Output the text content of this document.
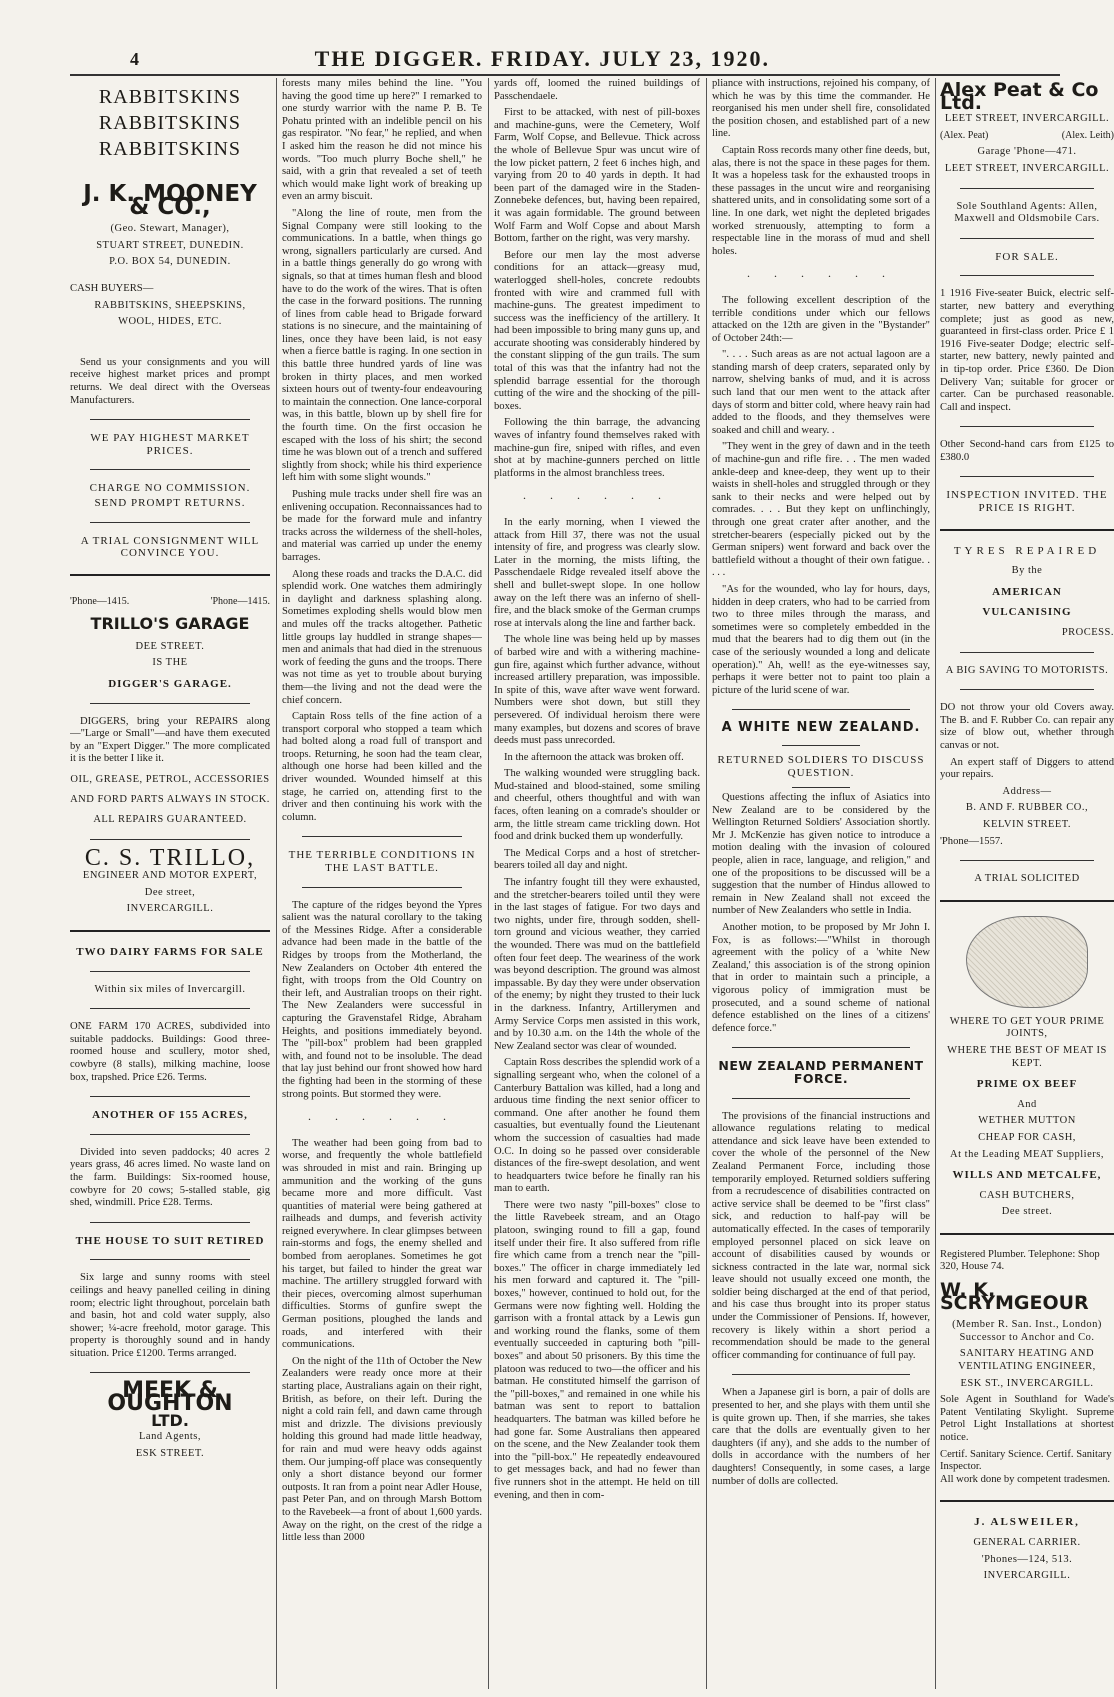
4	THE DIGGER. FRIDAY. JULY 23, 1920.
RABBITSKINS
RABBITSKINS
RABBITSKINS
J. K. MOONEY & CO.,
(Geo. Stewart, Manager),
STUART STREET, DUNEDIN.
P.O. BOX 54, DUNEDIN.
CASH BUYERS—
RABBITSKINS, SHEEPSKINS,
WOOL, HIDES, ETC.

Send us your consignments and you will receive highest market prices and prompt returns. We deal direct with the Overseas Manufacturers.

WE PAY HIGHEST MARKET PRICES.
CHARGE NO COMMISSION.
SEND PROMPT RETURNS.
A TRIAL CONSIGNMENT WILL CONVINCE YOU.
'Phone—1415.	'Phone—1415.
TRILLO'S GARAGE
DEE STREET.
IS THE
DIGGER'S GARAGE.

DIGGERS, bring your REPAIRS along —"Large or Small"—and have them executed by an "Expert Digger." The more complicated it is the better I like it.

OIL, GREASE, PETROL, ACCESSORIES AND FORD PARTS ALWAYS IN STOCK.
ALL REPAIRS GUARANTEED.
C. S. TRILLO,
ENGINEER AND MOTOR EXPERT,
Dee street,
INVERCARGILL.
TWO DAIRY FARMS FOR SALE
Within six miles of Invercargill.

ONE FARM 170 ACRES, subdivided into suitable paddocks. Buildings: Good three-roomed house and scullery, motor shed, cowbyre (8 stalls), milking machine, loose box, trapshed. Price £26. Terms.

ANOTHER OF 155 ACRES,

Divided into seven paddocks; 40 acres 2 years grass, 46 acres limed. No waste land on the farm. Buildings: Six-roomed house, cowbyre for 20 cows; 5-stalled stable, gig shed, windmill. Price £28. Terms.

THE HOUSE TO SUIT RETIRED

Six large and sunny rooms with steel ceilings and heavy panelled ceiling in dining room; electric light throughout, porcelain bath and basin, hot and cold water supply, also shower; ¼-acre freehold, motor garage. This property is thoroughly sound and in handy situation. Price £1200. Terms arranged.

MEEK & OUGHTON
LTD.
Land Agents,
ESK STREET.

forests many miles behind the line. "You having the good time up here?" I remarked to one sturdy warrior with the name P. B. Te Pohatu printed with an indelible pencil on his gas respirator. "No fear," he replied, and when I asked him the reason he did not mince his words. "Too much plurry Boche shell," he said, with a grin that revealed a set of teeth which would make light work of breaking up even an army biscuit.

"Along the line of route, men from the Signal Company were still looking to the communications. In a battle, when things go wrong, signallers particularly are cursed. And in a battle things generally do go wrong with signals, so that at times human flesh and blood have to do the work of the wires. That is often the case in the forward positions. The running of lines from cable head to Brigade forward stations is no sinecure, and the maintaining of lines, once they have been laid, is not easy when a fierce battle is raging. In one section in this battle three hundred yards of line was broken in thirty places, and men worked sixteen hours out of twenty-four endeavouring to maintain the connection. One lance-corporal was, in this battle, blown up by shell fire for the fourth time. On the first occasion he escaped with the loss of his shirt; the second time he was blown out of a trench and suffered slightly from shock; while his third experience left him with some slight wounds."

Pushing mule tracks under shell fire was an enlivening occupation. Reconnaissances had to be made for the forward mule and infantry tracks across the wilderness of the shell-holes, and material was carried up under the enemy barrages.

Along these roads and tracks the D.A.C. did splendid work. One watches them admiringly in daylight and darkness splashing along. Sometimes exploding shells would blow men and mules off the tracks altogether. Pathetic little groups lay huddled in strange shapes—men and animals that had died in the strenuous work of feeding the guns and the troops. There was not time as yet to trouble about burying them—the living and not the dead were the chief concern.

Captain Ross tells of the fine action of a transport corporal who stopped a team which had bolted along a road full of transport and troops. Returning, he soon had the team clear, although one horse had been killed and the driver wounded. Wounded himself at this stage, he carried on, attending first to the driver and then continuing his work with the column.

THE TERRIBLE CONDITIONS IN THE LAST BATTLE.

The capture of the ridges beyond the Ypres salient was the natural corollary to the taking of the Messines Ridge. After a considerable advance had been made in the battle of the Ridges by troops from the Motherland, the New Zealanders on October 4th entered the fight, with troops from the Old Country on their left, and Australian troops on their right. The New Zealanders were successful in capturing the Gravenstafel Ridge, Abraham Heights, and positions immediately beyond. The "pill-box" problem had been grappled with, and found not to be insoluble. The dead that lay just behind our front showed how hard the fighting had been in the storming of these strong points. But stormed they were.

· · · · · ·

The weather had been going from bad to worse, and frequently the whole battlefield was shrouded in mist and rain. Bringing up ammunition and the working of the guns became more and more difficult. Vast quantities of material were being gathered at railheads and dumps, and feverish activity reigned everywhere. In clear glimpses between rain-storms and fogs, the enemy shelled and bombed from aeroplanes. Sometimes he got his target, but failed to hinder the great war machine. The artillery struggled forward with their pieces, overcoming almost superhuman difficulties. Storms of gunfire swept the German positions, ploughed the lands and roads, and interfered with their communications.

On the night of the 11th of October the New Zealanders were ready once more at their starting place, Australians again on their right, British, as before, on their left. During the night a cold rain fell, and dawn came through mist and drizzle. The divisions previously holding this ground had made little headway, for rain and mud were heavy odds against them. Our jumping-off place was consequently only a short distance beyond our former outposts. It ran from a point near Adler House, past Peter Pan, and on through Marsh Bottom to the Ravebeek—a front of about 1,600 yards. Away on the right, on the crest of the ridge a little less than 2000

yards off, loomed the ruined buildings of Passchendaele.

First to be attacked, with nest of pill-boxes and machine-guns, were the Cemetery, Wolf Farm, Wolf Copse, and Bellevue. Thick across the whole of Bellevue Spur was uncut wire of the low picket pattern, 2 feet 6 inches high, and varying from 20 to 40 yards in depth. It had been part of the damaged wire in the Staden-Zonnebeke defences, but, having been repaired, it was again formidable. The ground between Wolf Farm and Wolf Copse and about Marsh Bottom, farther on the right, was very marshy.

Before our men lay the most adverse conditions for an attack—greasy mud, waterlogged shell-holes, concrete redoubts fronted with wire and crammed full with machine-guns. The greatest impediment to success was the inefficiency of the artillery. It had been impossible to bring many guns up, and accurate shooting was considerably hindered by the constant slipping of the gun trails. The sum total of this was that the infantry had not the splendid barrage essential for the thorough cutting of the wire and the shocking of the pill-boxes.

Following the thin barrage, the advancing waves of infantry found themselves raked with machine-gun fire, sniped with rifles, and even shot at by machine-gunners perched on little platforms in the almost branchless trees.

· · · · · ·

In the early morning, when I viewed the attack from Hill 37, there was not the usual intensity of fire, and progress was clearly slow. Later in the morning, the mists lifting, the Passchendaele Ridge revealed itself above the shell and bullet-swept slope. In one hollow away on the left there was an inferno of shell-fire, and the black smoke of the German crumps rose at intervals along the line and farther back.

The whole line was being held up by masses of barbed wire and with a withering machine-gun fire, against which further advance, without increased artillery preparation, was impossible. In spite of this, wave after wave went forward. Numbers were shot down, but still they persevered. Of individual heroism there were many examples, but dozens and scores of brave deeds must pass unrecorded.

In the afternoon the attack was broken off.

The walking wounded were struggling back. Mud-stained and blood-stained, some smiling and cheerful, others thoughtful and with wan faces, often leaning on a comrade's shoulder or arm, the little stream came trickling down. Hot food and drink bucked them up wonderfully.

The Medical Corps and a host of stretcher-bearers toiled all day and night.

The infantry fought till they were exhausted, and the stretcher-bearers toiled until they were in the last stages of fatigue. For two days and two nights, under fire, through sodden, shell-torn ground and vicious weather, they carried the wounded. There was mud on the battlefield often four feet deep. The weariness of the work was beyond description. The ground was almost impassable. By day they were under observation of the enemy; by night they trusted to their luck in the darkness. Infantry, Artillerymen and Army Service Corps men assisted in this work, and by 10.30 a.m. on the 14th the whole of the New Zealand sector was clear of wounded.

Captain Ross describes the splendid work of a signalling sergeant who, when the colonel of a Canterbury Battalion was killed, had a long and arduous time finding the next senior officer to command. One after another he found them casualties, but eventually found the Lieutenant whom the succession of casualties had made O.C. In doing so he passed over considerable distances of the fire-swept desolation, and went to headquarters twice before he finally ran his man to earth.

There were two nasty "pill-boxes" close to the little Ravebeek stream, and an Otago platoon, swinging round to fill a gap, found itself under their fire. It also suffered from rifle fire which came from a trench near the "pill-boxes." The officer in charge immediately led his men forward and captured it. The "pill-boxes," however, continued to hold out, for the Germans were now fighting well. Holding the garrison with a frontal attack by a Lewis gun and working round the flanks, some of them eventually succeeded in capturing both "pill-boxes" and about 50 prisoners. By this time the platoon was reduced to two—the officer and his batman. He constituted himself the garrison of the "pill-boxes," and remained in one while his batman was sent to report to battalion headquarters. The batman was killed before he had gone far. Some Australians then appeared on the scene, and the New Zealander took them into the "pill-box." He repeatedly endeavoured to get messages back, and had no fewer than five runners shot in the attempt. He held on till evening, and then in com-

pliance with instructions, rejoined his company, of which he was by this time the commander. He reorganised his men under shell fire, consolidated the position chosen, and established part of a new line.

Captain Ross records many other fine deeds, but, alas, there is not the space in these pages for them. It was a hopeless task for the exhausted troops in these passages in the uncut wire and reorganising shattered units, and in consolidating some sort of a line. In one dark, wet night the depleted brigades worked strenuously, attempting to form a respectable line in the morass of mud and shell holes.

· · · · · ·

The following excellent description of the terrible conditions under which our fellows attacked on the 12th are given in the "Bystander" of October 24th:—

". . . . Such areas as are not actual lagoon are a standing marsh of deep craters, separated only by narrow, shelving banks of mud, and it is across such land that our men went to the attack after days of storm and bitter cold, where heavy rain had added to the floods, and they themselves were soaked and chill and weary. .

"They went in the grey of dawn and in the teeth of machine-gun and rifle fire. . . The men waded ankle-deep and knee-deep, they went up to their waists in shell-holes and struggled through or they sank to their necks and were helped out by comrades. . . . But they kept on unflinchingly, through one great crater after another, and the stretcher-bearers (especially picked out by the German snipers) went forward and back over the battlefield without a thought of their own fatigue. . . . .

"As for the wounded, who lay for hours, days, hidden in deep craters, who had to be carried from two to three miles through the marass, and sometimes were so completely embedded in the mud that the bearers had to dig them out (in the case of the seriously wounded a long and delicate operation)." Ah, well! as the eye-witnesses say, perhaps it were better not to paint too plain a picture of the lurid scene of war.

A WHITE NEW ZEALAND.
RETURNED SOLDIERS TO DISCUSS QUESTION.

Questions affecting the influx of Asiatics into New Zealand are to be considered by the Wellington Returned Soldiers' Association shortly. Mr J. McKenzie has given notice to introduce a motion dealing with the invasion of coloured people, alien in race, language, and religion," and one of the propositions to be discussed will be a suggestion that the number of Hindus allowed to remain in New Zealand shall not exceed the number of New Zealanders who settle in India.

Another motion, to be proposed by Mr John I. Fox, is as follows:—"Whilst in thorough agreement with the policy of a 'white New Zealand,' this association is of the strong opinion that in order to maintain such a principle, a vigorous policy of immigration must be prosecuted, and a sound scheme of national defence established on the lines of a citizens' defence force."

NEW ZEALAND PERMANENT FORCE.

The provisions of the financial instructions and allowance regulations relating to medical attendance and sick leave have been extended to cover the whole of the personnel of the New Zealand Permanent Force, including those temporarily employed. Returned soldiers suffering from a recrudescence of disabilities contracted on active service shall be deemed to be "first class" sick, and reduction to half-pay will be automatically effected. In the cases of temporarily employed personnel placed on sick leave on account of disabilities caused by wounds or sickness contracted in the late war, normal sick leave should not usually exceed one month, the soldier being discharged at the end of that period, and his case thus brought into its proper status under the Commissioner of Pensions. If, however, recovery is likely within a short period a recommendation should be made to the general officer commanding for continuance of full pay.

When a Japanese girl is born, a pair of dolls are presented to her, and she plays with them until she is quite grown up. Then, if she marries, she takes care that the dolls are eventually given to her daughters (if any), and she adds to the number of dolls in accordance with the numbers of her daughters! Consequently, in some cases, a large number of dolls are collected.

Alex Peat & Co Ltd.
LEET STREET, INVERCARGILL.
(Alex. Peat)	(Alex. Leith)
Garage 'Phone—471.
LEET STREET, INVERCARGILL.
Sole Southland Agents: Allen, Maxwell and Oldsmobile Cars.
FOR SALE.

1 1916 Five-seater Buick, electric self-starter, new battery and everything complete; just as good as new, guaranteed in first-class order. Price £ 1 1916 Five-seater Dodge; electric self-starter, new battery, newly painted and in tip-top order. Price £360. De Dion Delivery Van; suitable for grocer or carter. Can be purchased reasonable. Call and inspect.

Other Second-hand cars from £125 to £380.0

INSPECTION INVITED. THE PRICE IS RIGHT.
TYRES REPAIRED
By the
AMERICAN
VULCANISING
PROCESS.
A BIG SAVING TO MOTORISTS.

DO not throw your old Covers away. The B. and F. Rubber Co. can repair any size of blow out, whether through canvas or not.

An expert staff of Diggers to attend your repairs.

Address—
B. AND F. RUBBER CO.,
KELVIN STREET.
'Phone—1557.
A TRIAL SOLICITED
WHERE TO GET YOUR PRIME JOINTS,
WHERE THE BEST OF MEAT IS KEPT.
PRIME OX BEEF
And
WETHER MUTTON
CHEAP FOR CASH,
At the Leading MEAT Suppliers,
WILLS AND METCALFE,
CASH BUTCHERS,
Dee street.
Registered Plumber. Telephone: Shop 320, House 74.
W. K. SCRYMGEOUR
(Member R. San. Inst., London) Successor to Anchor and Co.
SANITARY HEATING AND VENTILATING ENGINEER,
ESK ST., INVERCARGILL.

Sole Agent in Southland for Wade's Patent Ventilating Skylight. Supreme Petrol Light Installations at shortest notice.

Certif. Sanitary Science. Certif. Sanitary Inspector.
All work done by competent tradesmen.
J. ALSWEILER,
GENERAL CARRIER.
'Phones—124, 513.
INVERCARGILL.
